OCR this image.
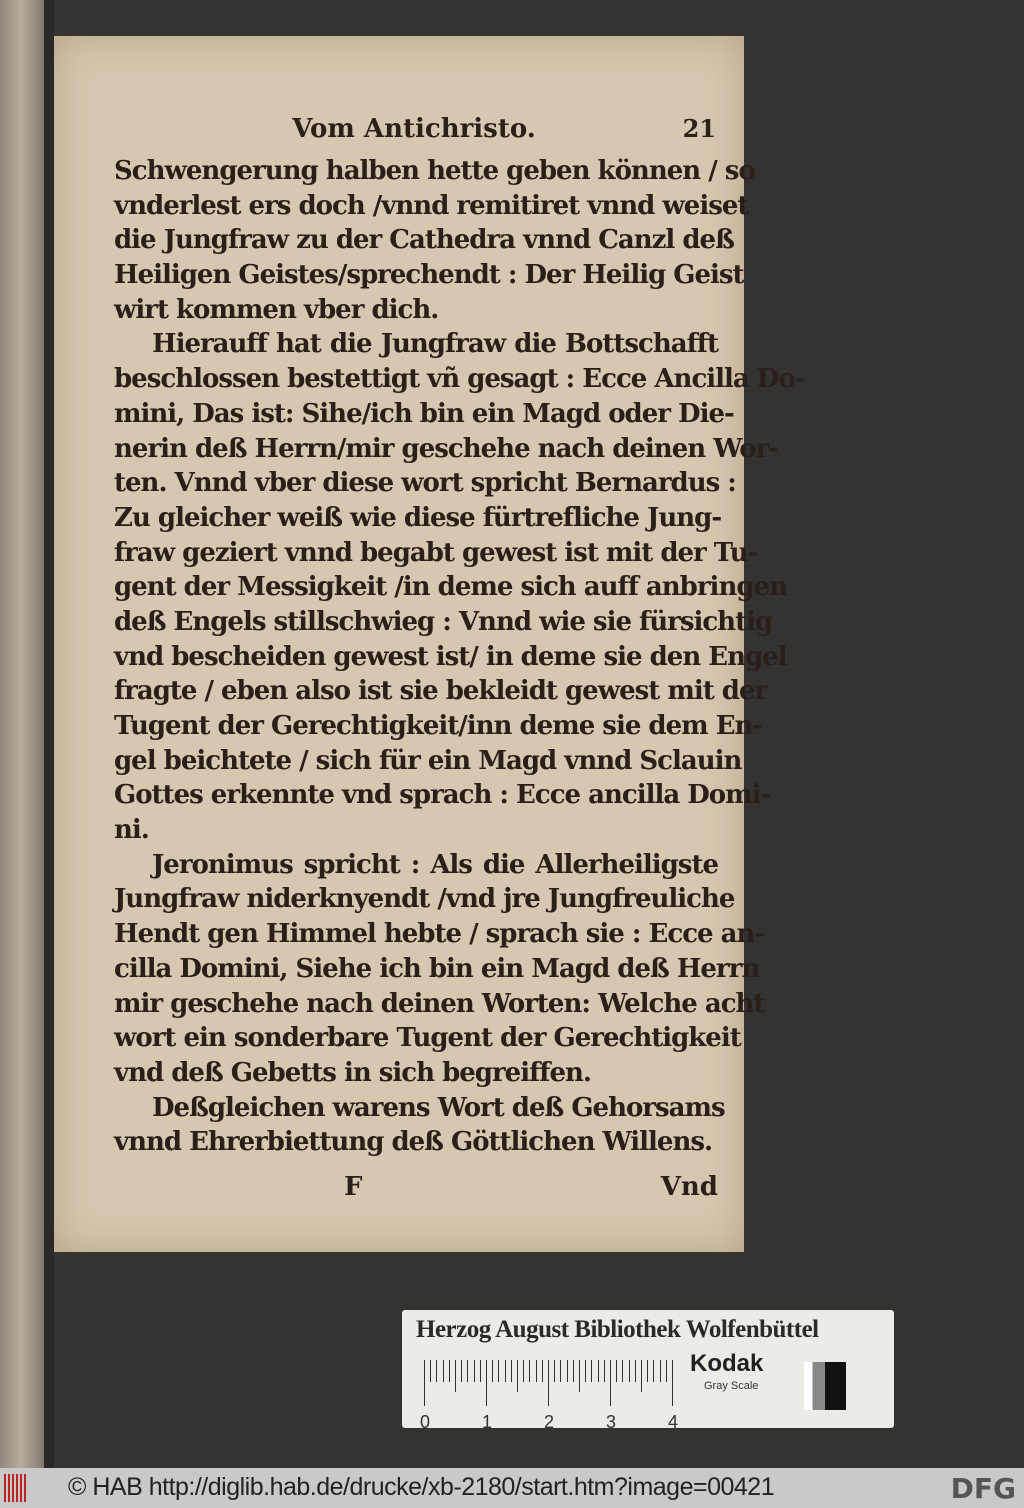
Vom Antichristo.	21
Schwengerung halben hette geben können / so
vnderlest ers doch /vnnd remitiret vnnd weiset
die Jungfraw zu der Cathedra vnnd Canzl deß
Heiligen Geistes/sprechendt : Der Heilig Geist
wirt kommen vber dich.
Hierauff hat die Jungfraw die Bottschafft
beschlossen bestettigt vñ gesagt : Ecce Ancilla Do-
mini, Das ist: Sihe/ich bin ein Magd oder Die-
nerin deß Herrn/mir geschehe nach deinen Wor-
ten. Vnnd vber diese wort spricht Bernardus :
Zu gleicher weiß wie diese fürtrefliche Jung-
fraw geziert vnnd begabt gewest ist mit der Tu-
gent der Messigkeit /in deme sich auff anbringen
deß Engels stillschwieg : Vnnd wie sie fürsichtig
vnd bescheiden gewest ist/ in deme sie den Engel
fragte / eben also ist sie bekleidt gewest mit der
Tugent der Gerechtigkeit/inn deme sie dem En-
gel beichtete / sich für ein Magd vnnd Sclauin
Gottes erkennte vnd sprach : Ecce ancilla Domi-
ni.
Jeronimus spricht : Als die Allerheiligste
Jungfraw niderknyendt /vnd jre Jungfreuliche
Hendt gen Himmel hebte / sprach sie : Ecce an-
cilla Domini, Siehe ich bin ein Magd deß Herrn
mir geschehe nach deinen Worten: Welche acht
wort ein sonderbare Tugent der Gerechtigkeit
vnd deß Gebetts in sich begreiffen.
Deßgleichen warens Wort deß Gehorsams
vnnd Ehrerbiettung deß Göttlichen Willens.
F	Vnd
Herzog August Bibliothek Wolfenbüttel
0	1	2	3	4
Kodak
Gray Scale
© HAB http://diglib.hab.de/drucke/xb-2180/start.htm?image=00421	DFG
